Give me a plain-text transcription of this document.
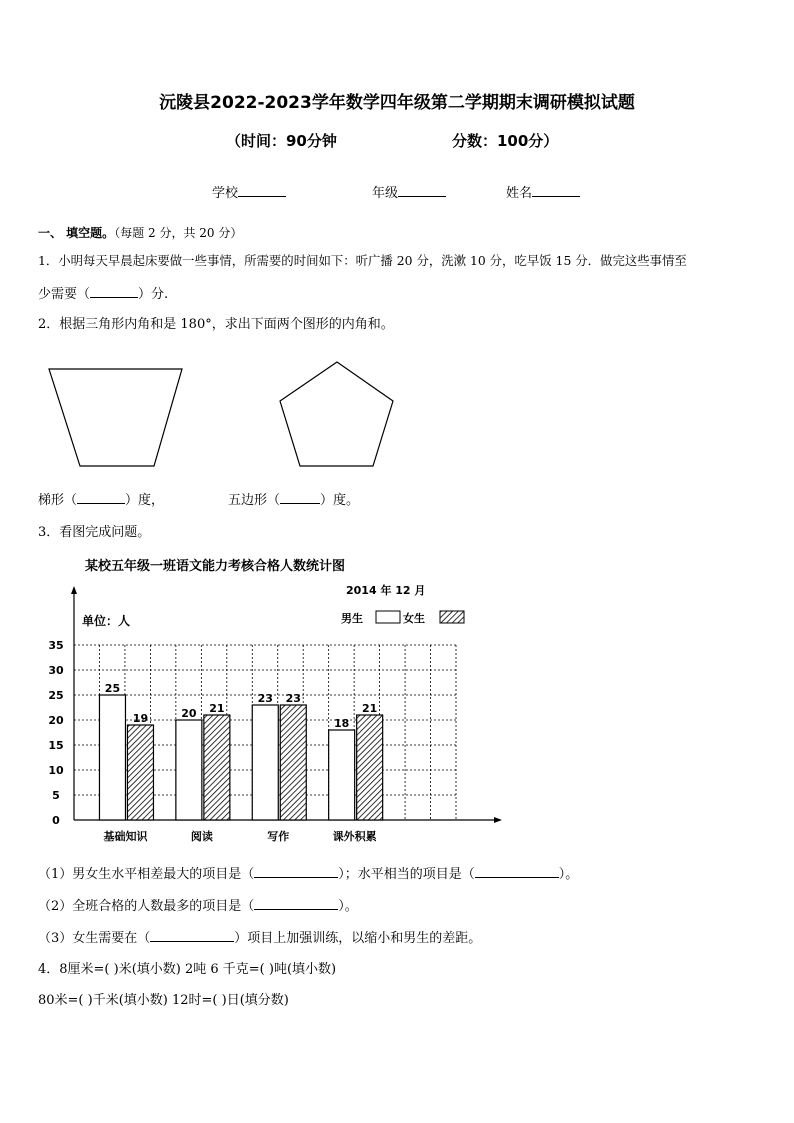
沅陵县2022-2023学年数学四年级第二学期期末调研模拟试题
（时间：90分钟	分数：100分）
学校	年级	姓名
一、 填空题。（每题 2 分，共 20 分）
1．小明每天早晨起床要做一些事情，所需要的时间如下：听广播 20 分，洗漱 10 分，吃早饭 15 分．做完这些事情至
少需要（	）分.
2．根据三角形内角和是 180°，求出下面两个图形的内角和。
梯形（	）度，	五边形（	）度。
3．看图完成问题。
某校五年级一班语文能力考核合格人数统计图
2014 年 12 月
单位：人	男生	女生
0
5
10
15
20
25
30
35
基础知识	阅读	写作	课外积累
25
19	20 21
23 23
18
21
（1）男女生水平相差最大的项目是（	）；水平相当的项目是（	）。
（2）全班合格的人数最多的项目是（	）。
（3）女生需要在（	）项目上加强训练，以缩小和男生的差距。
4．8厘米=( )米(填小数) 2吨 6 千克=( )吨(填小数)
80米=( )千米(填小数) 12时=( )日(填分数)
